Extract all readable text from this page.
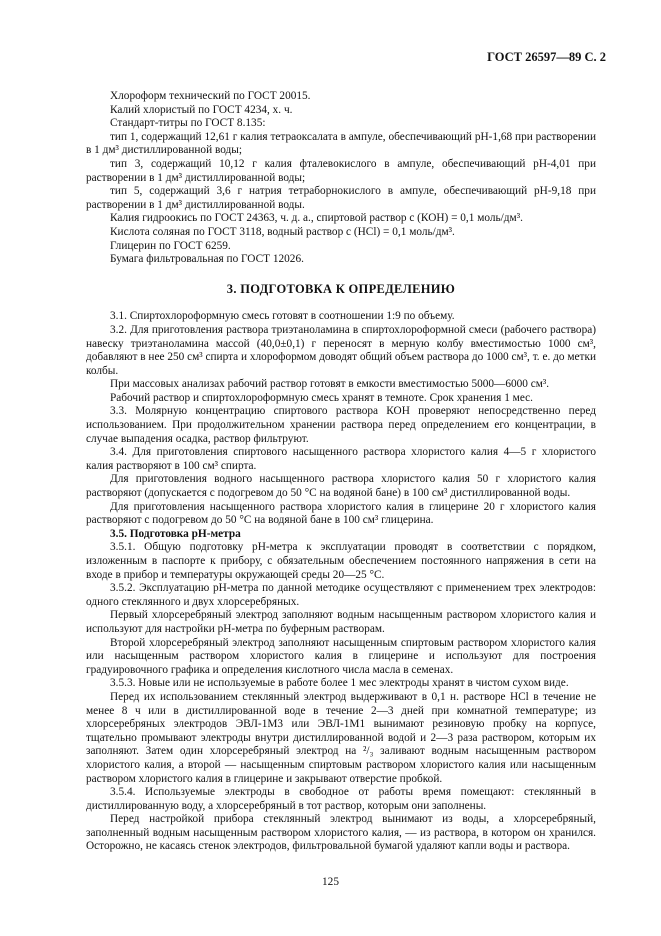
ГОСТ 26597—89 С. 2

Хлороформ технический по ГОСТ 20015.

Калий хлористый по ГОСТ 4234, х. ч.

Стандарт-титры по ГОСТ 8.135:

тип 1, содержащий 12,61 г калия тетраоксалата в ампуле, обеспечивающий рН-1,68 при растворении в 1 дм³ дистиллированной воды;

тип 3, содержащий 10,12 г калия фталевокислого в ампуле, обеспечивающий рН-4,01 при растворении в 1 дм³ дистиллированной воды;

тип 5, содержащий 3,6 г натрия тетраборнокислого в ампуле, обеспечивающий рН-9,18 при растворении в 1 дм³ дистиллированной воды.

Калия гидроокись по ГОСТ 24363, ч. д. а., спиртовой раствор с (КОН) = 0,1 моль/дм³.

Кислота соляная по ГОСТ 3118, водный раствор с (HCl) = 0,1 моль/дм³.

Глицерин по ГОСТ 6259.

Бумага фильтровальная по ГОСТ 12026.

3. ПОДГОТОВКА К ОПРЕДЕЛЕНИЮ

3.1. Спиртохлороформную смесь готовят в соотношении 1:9 по объему.

3.2. Для приготовления раствора триэтаноламина в спиртохлороформной смеси (рабочего раствора) навеску триэтаноламина массой (40,0±0,1) г переносят в мерную колбу вместимостью 1000 см³, добавляют в нее 250 см³ спирта и хлороформом доводят общий объем раствора до 1000 см³, т. е. до метки колбы.

При массовых анализах рабочий раствор готовят в емкости вместимостью 5000—6000 см³.

Рабочий раствор и спиртохлороформную смесь хранят в темноте. Срок хранения 1 мес.

3.3. Молярную концентрацию спиртового раствора КОН проверяют непосредственно перед использованием. При продолжительном хранении раствора перед определением его концентрации, в случае выпадения осадка, раствор фильтруют.

3.4. Для приготовления спиртового насыщенного раствора хлористого калия 4—5 г хлористого калия растворяют в 100 см³ спирта.

Для приготовления водного насыщенного раствора хлористого калия 50 г хлористого калия растворяют (допускается с подогревом до 50 °С на водяной бане) в 100 см³ дистиллированной воды.

Для приготовления насыщенного раствора хлористого калия в глицерине 20 г хлористого калия растворяют с подогревом до 50 °С на водяной бане в 100 см³ глицерина.

3.5. Подготовка рН-метра

3.5.1. Общую подготовку рН-метра к эксплуатации проводят в соответствии с порядком, изложенным в паспорте к прибору, с обязательным обеспечением постоянного напряжения в сети на входе в прибор и температуры окружающей среды 20—25 °С.

3.5.2. Эксплуатацию рН-метра по данной методике осуществляют с применением трех электродов: одного стеклянного и двух хлорсеребряных.

Первый хлорсеребряный электрод заполняют водным насыщенным раствором хлористого калия и используют для настройки рН-метра по буферным растворам.

Второй хлорсеребряный электрод заполняют насыщенным спиртовым раствором хлористого калия или насыщенным раствором хлористого калия в глицерине и используют для построения градуировочного графика и определения кислотного числа масла в семенах.

3.5.3. Новые или не используемые в работе более 1 мес электроды хранят в чистом сухом виде.

Перед их использованием стеклянный электрод выдерживают в 0,1 н. растворе HCl в течение не менее 8 ч или в дистиллированной воде в течение 2—3 дней при комнатной температуре; из хлорсеребряных электродов ЭВЛ-1М3 или ЭВЛ-1М1 вынимают резиновую пробку на корпусе, тщательно промывают электроды внутри дистиллированной водой и 2—3 раза раствором, которым их заполняют. Затем один хлорсеребряный электрод на ²/₃ заливают водным насыщенным раствором хлористого калия, а второй — насыщенным спиртовым раствором хлористого калия или насыщенным раствором хлористого калия в глицерине и закрывают отверстие пробкой.

3.5.4. Используемые электроды в свободное от работы время помещают: стеклянный в дистиллированную воду, а хлорсеребряный в тот раствор, которым они заполнены.

Перед настройкой прибора стеклянный электрод вынимают из воды, а хлорсеребряный, заполненный водным насыщенным раствором хлористого калия, — из раствора, в котором он хранился. Осторожно, не касаясь стенок электродов, фильтровальной бумагой удаляют капли воды и раствора.

125
